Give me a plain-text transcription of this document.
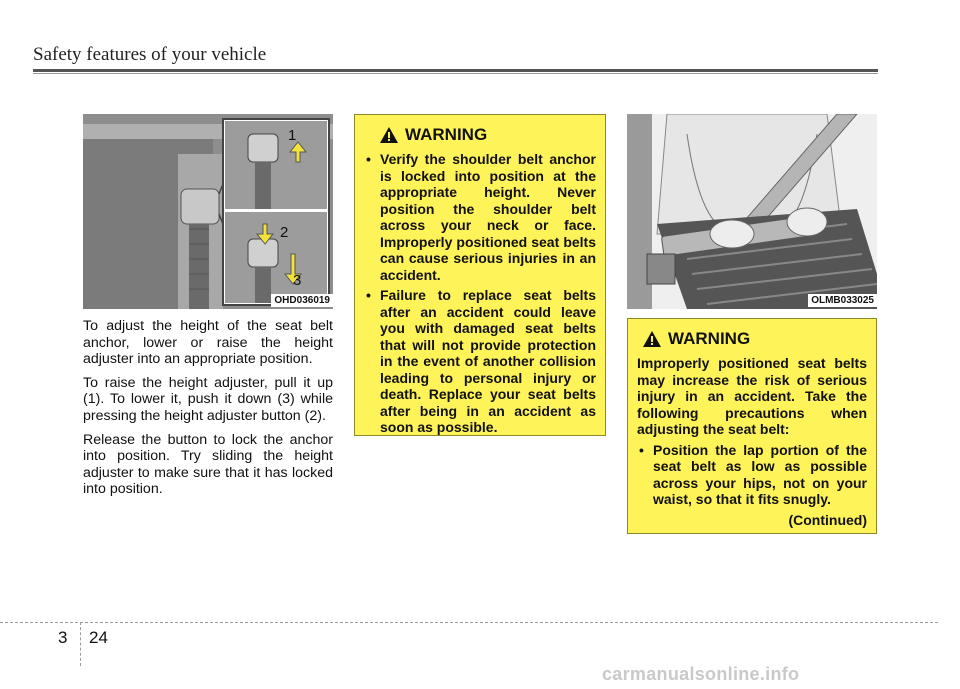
Safety features of your vehicle
1
2
3
OHD036019

To adjust the height of the seat belt anchor, lower or raise the height adjuster into an appropriate position.

To raise the height adjuster, pull it up (1). To lower it, push it down (3) while pressing the height adjuster button (2).

Release the button to lock the anchor into position. Try sliding the height adjuster to make sure that it has locked into position.

WARNING
• Verify the shoulder belt anchor is locked into position at the appropriate height. Never position the shoulder belt across your neck or face. Improperly positioned seat belts can cause serious injuries in an accident.
• Failure to replace seat belts after an accident could leave you with damaged seat belts that will not provide protection in the event of another collision leading to personal injury or death. Replace your seat belts after being in an accident as soon as possible.
OLMB033025
WARNING

Improperly positioned seat belts may increase the risk of serious injury in an accident. Take the following precautions when adjusting the seat belt:

• Position the lap portion of the seat belt as low as possible across your hips, not on your waist, so that it fits snugly.
(Continued)
3 24
carmanualsonline.info
